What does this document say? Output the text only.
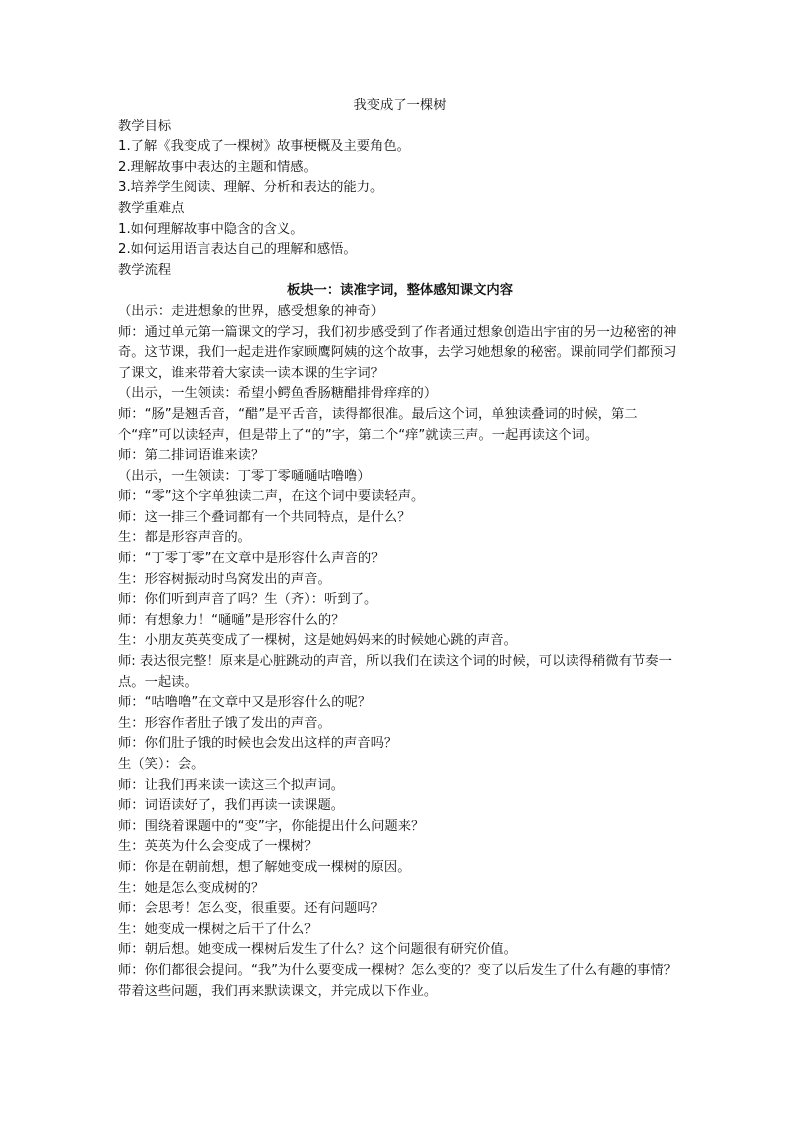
我变成了一棵树

教学目标

1.了解《我变成了一棵树》故事梗概及主要角色。

2.理解故事中表达的主题和情感。

3.培养学生阅读、理解、分析和表达的能力。

教学重难点

1.如何理解故事中隐含的含义。

2.如何运用语言表达自己的理解和感悟。

教学流程

板块一：读准字词，整体感知课文内容

（出示：走进想象的世界，感受想象的神奇）

师：通过单元第一篇课文的学习，我们初步感受到了作者通过想象创造出宇宙的另一边秘密的神奇。这节课，我们一起走进作家顾鹰阿姨的这个故事，去学习她想象的秘密。课前同学们都预习了课文，谁来带着大家读一读本课的生字词？

（出示，一生领读：希望小鳄鱼香肠糖醋排骨痒痒的）

师：“肠”是翘舌音，“醋”是平舌音，读得都很准。最后这个词，单独读叠词的时候，第二个“痒”可以读轻声，但是带上了“的”字，第二个“痒”就读三声。一起再读这个词。

师：第二排词语谁来读？

（出示，一生领读：丁零丁零嗵嗵咕噜噜）

师：“零”这个字单独读二声，在这个词中要读轻声。

师：这一排三个叠词都有一个共同特点，是什么？

生：都是形容声音的。

师：“丁零丁零”在文章中是形容什么声音的？

生：形容树振动时鸟窝发出的声音。

师：你们听到声音了吗？生（齐）：听到了。

师：有想象力！“嗵嗵”是形容什么的？

生：小朋友英英变成了一棵树，这是她妈妈来的时候她心跳的声音。

师: 表达很完整！原来是心脏跳动的声音，所以我们在读这个词的时候，可以读得稍微有节奏一点。一起读。

师：“咕噜噜”在文章中又是形容什么的呢？

生：形容作者肚子饿了发出的声音。

师：你们肚子饿的时候也会发出这样的声音吗？

生（笑）：会。

师：让我们再来读一读这三个拟声词。

师：词语读好了，我们再读一读课题。

师：围绕着课题中的“变”字，你能提出什么问题来？

生：英英为什么会变成了一棵树？

师：你是在朝前想，想了解她变成一棵树的原因。

生：她是怎么变成树的？

师：会思考！怎么变，很重要。还有问题吗？

生：她变成一棵树之后干了什么？

师：朝后想。她变成一棵树后发生了什么？这个问题很有研究价值。

师：你们都很会提问。“我”为什么要变成一棵树？怎么变的？变了以后发生了什么有趣的事情？带着这些问题，我们再来默读课文，并完成以下作业。
